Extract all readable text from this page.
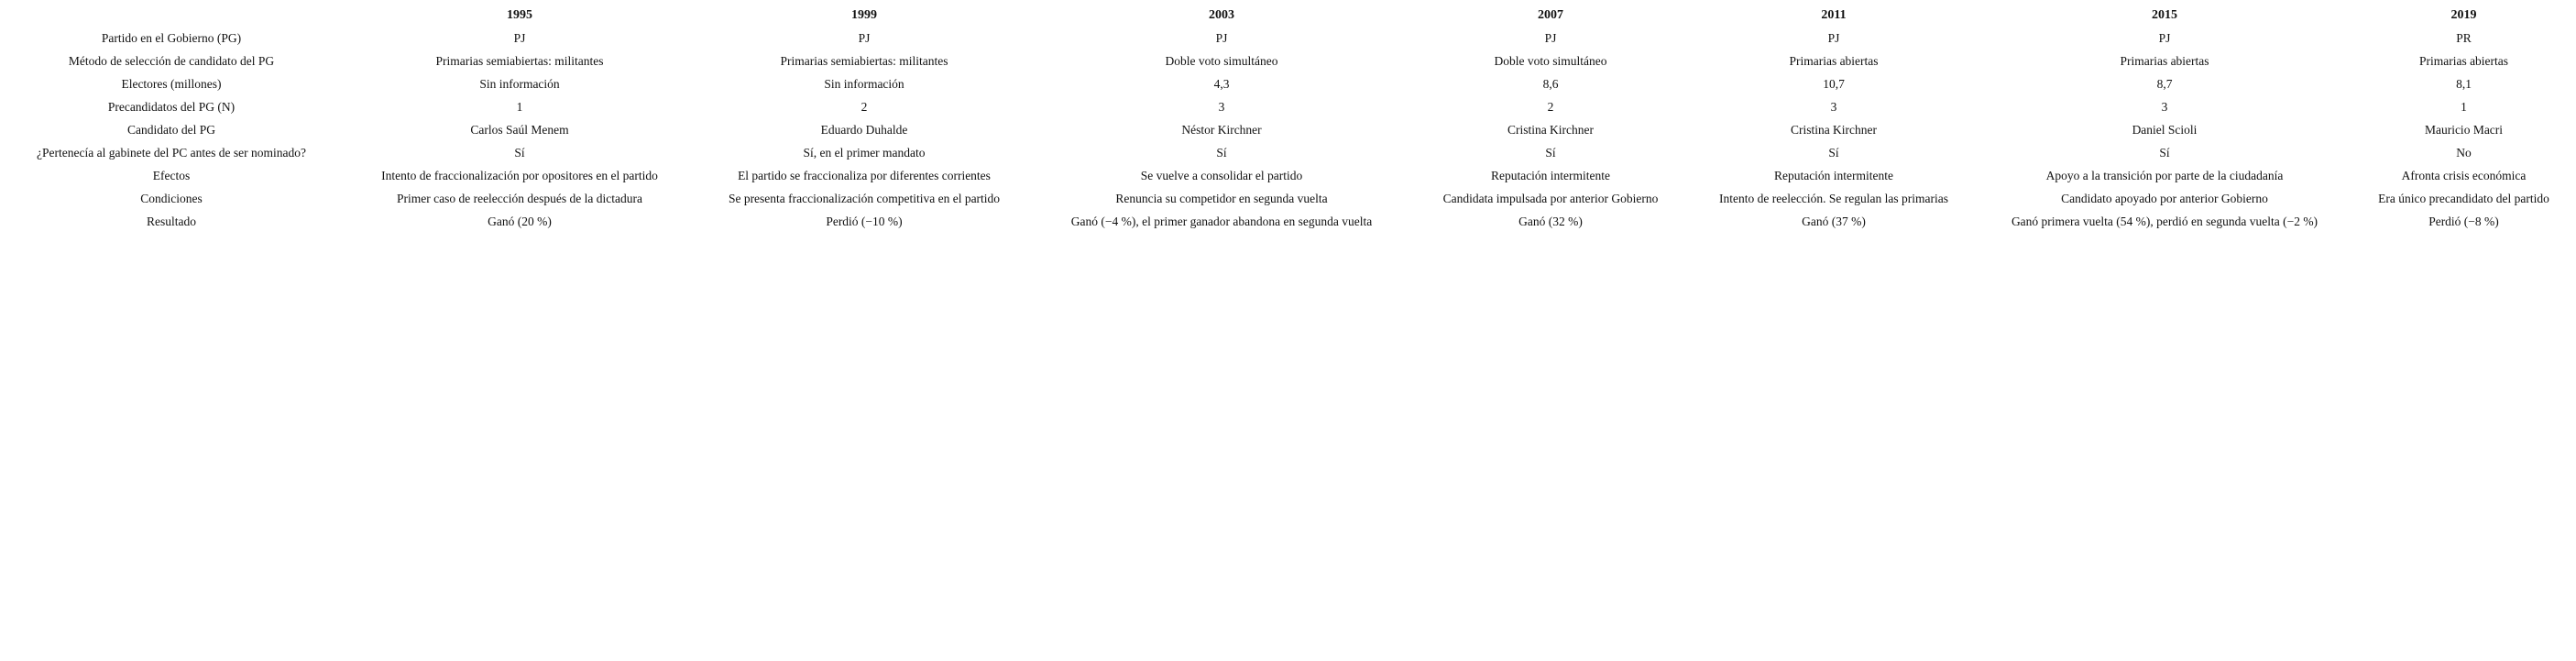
	1995	1999	2003	2007	2011	2015	2019
Partido en el Gobierno (PG)	PJ	PJ	PJ	PJ	PJ	PJ	PR
Método de selección de candidato del PG	Primarias semiabiertas: militantes	Primarias semiabiertas: militantes	Doble voto simultáneo	Doble voto simultáneo	Primarias abiertas	Primarias abiertas	Primarias abiertas
Electores (millones)	Sin información	Sin información	4,3	8,6	10,7	8,7	8,1
Precandidatos del PG (N)	1	2	3	2	3	3	1
Candidato del PG	Carlos Saúl Menem	Eduardo Duhalde	Néstor Kirchner	Cristina Kirchner	Cristina Kirchner	Daniel Scioli	Mauricio Macri
¿Pertenecía al gabinete del PC antes de ser nominado?	Sí	Sí, en el primer mandato	Sí	Sí	Sí	Sí	No
Efectos	Intento de fraccionalización por opositores en el partido	El partido se fraccionaliza por diferentes corrientes	Se vuelve a consolidar el partido	Reputación intermitente	Reputación intermitente	Apoyo a la transición por parte de la ciudadanía	Afronta crisis económica
Condiciones	Primer caso de reelección después de la dictadura	Se presenta fraccionalización competitiva en el partido	Renuncia su competidor en segunda vuelta	Candidata impulsada por anterior Gobierno	Intento de reelección. Se regulan las primarias	Candidato apoyado por anterior Gobierno	Era único precandidato del partido
Resultado	Ganó (20 %)	Perdió (−10 %)	Ganó (−4 %), el primer ganador abandona en segunda vuelta	Ganó (32 %)	Ganó (37 %)	Ganó primera vuelta (54 %), perdió en segunda vuelta (−2 %)	Perdió (−8 %)
